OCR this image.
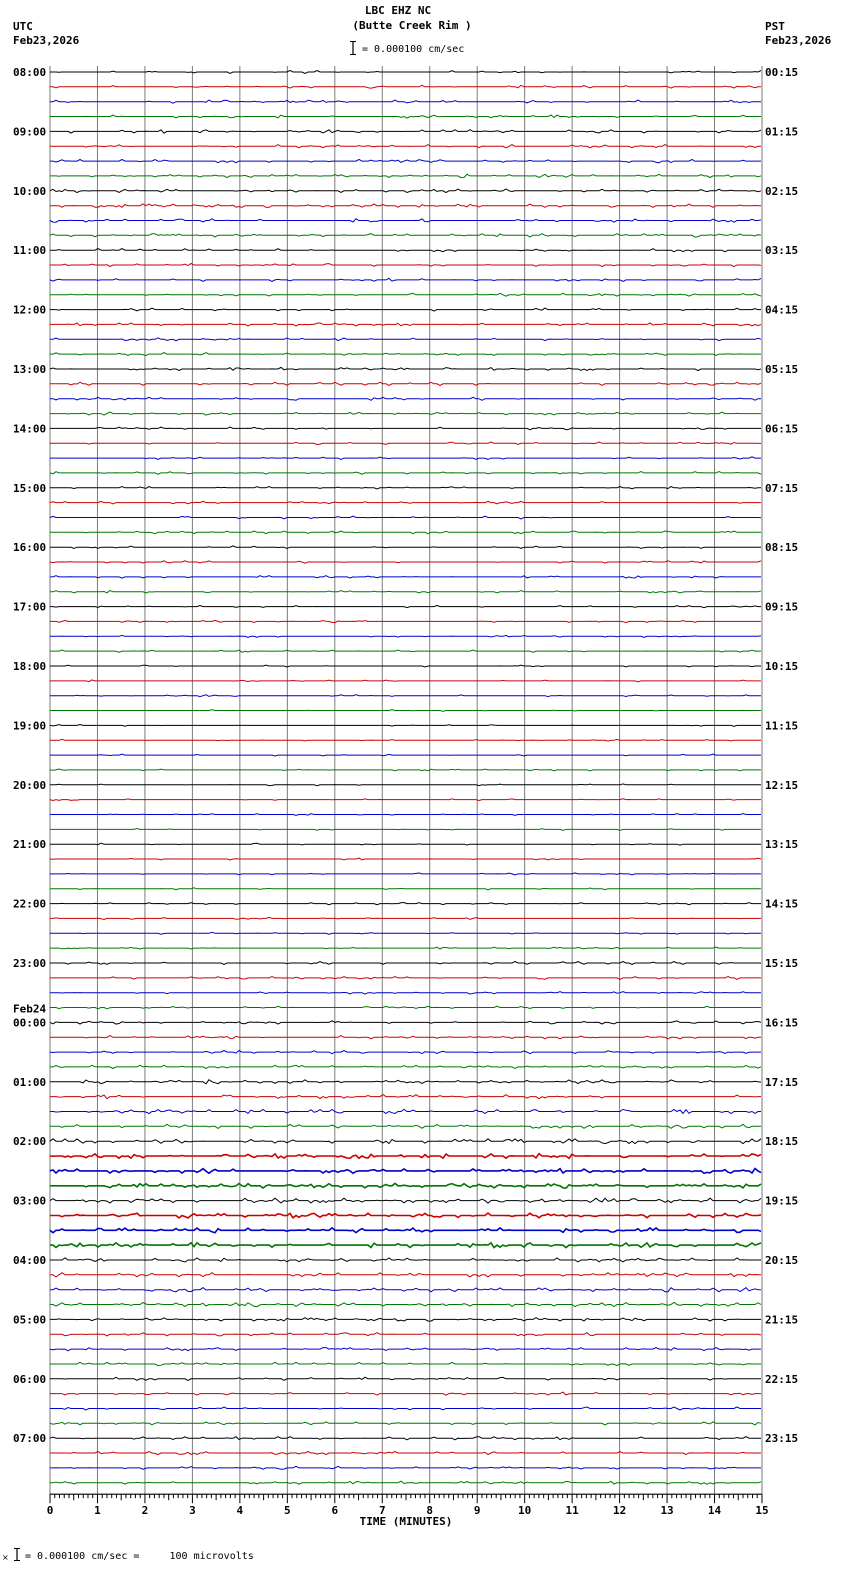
LBC EHZ NC
(Butte Creek Rim )
= 0.000100 cm/sec
UTC
Feb23,2026
PST
Feb23,2026
08:00
09:00
10:00
11:00
12:00
13:00
14:00
15:00
16:00
17:00
18:00
19:00
20:00
21:00
22:00
23:00
00:00
01:00
02:00
03:00
04:00
05:00
06:00
07:00
00:15
01:15
02:15
03:15
04:15
05:15
06:15
07:15
08:15
09:15
10:15
11:15
12:15
13:15
14:15
15:15
16:15
17:15
18:15
19:15
20:15
21:15
22:15
23:15
Feb24
0	1	2	3	4	5	6	7	8	9	10	11	12	13	14	15
TIME (MINUTES)
× = 0.000100 cm/sec =     100 microvolts
